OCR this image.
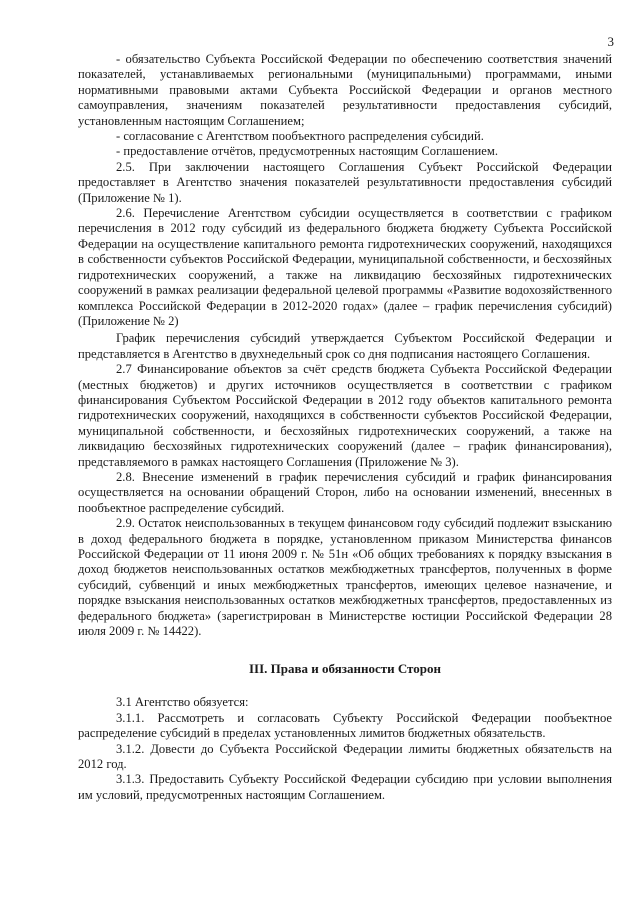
3

- обязательство Субъекта Российской Федерации по обеспечению соответствия значений показателей, устанавливаемых региональными (муниципальными) программами, иными нормативными правовыми актами Субъекта Российской Федерации и органов местного самоуправления, значениям показателей результативности предоставления субсидий, установленным настоящим Соглашением;

- согласование с Агентством пообъектного распределения субсидий.

- предоставление отчётов, предусмотренных настоящим Соглашением.

2.5. При заключении настоящего Соглашения Субъект Российской Федерации предоставляет в Агентство значения показателей результативности предоставления субсидий (Приложение № 1).

2.6. Перечисление Агентством субсидии осуществляется в соответствии с графиком перечисления в 2012 году субсидий из федерального бюджета бюджету Субъекта Российской Федерации на осуществление капитального ремонта гидротехнических сооружений, находящихся в собственности субъектов Российской Федерации, муниципальной собственности, и бесхозяйных гидротехнических сооружений, а также на ликвидацию бесхозяйных гидротехнических сооружений в рамках реализации федеральной целевой программы «Развитие водохозяйственного комплекса Российской Федерации в 2012-2020 годах» (далее – график перечисления субсидий) (Приложение № 2)

График перечисления субсидий утверждается Субъектом Российской Федерации и представляется в Агентство в двухнедельный срок со дня подписания настоящего Соглашения.

2.7 Финансирование объектов за счёт средств бюджета Субъекта Российской Федерации (местных бюджетов) и других источников осуществляется в соответствии с графиком финансирования Субъектом Российской Федерации в 2012 году объектов капитального ремонта гидротехнических сооружений, находящихся в собственности субъектов Российской Федерации, муниципальной собственности, и бесхозяйных гидротехнических сооружений, а также на ликвидацию бесхозяйных гидротехнических сооружений (далее – график финансирования), представляемого в рамках настоящего Соглашения (Приложение № 3).

2.8. Внесение изменений в график перечисления субсидий и график финансирования осуществляется на основании обращений Сторон, либо на основании изменений, внесенных в пообъектное распределение субсидий.

2.9. Остаток неиспользованных в текущем финансовом году субсидий подлежит взысканию в доход федерального бюджета в порядке, установленном приказом Министерства финансов Российской Федерации от 11 июня 2009 г. № 51н «Об общих требованиях к порядку взыскания в доход бюджетов неиспользованных остатков межбюджетных трансфертов, полученных в форме субсидий, субвенций и иных межбюджетных трансфертов, имеющих целевое назначение, и порядке взыскания неиспользованных остатков межбюджетных трансфертов, предоставленных из федерального бюджета» (зарегистрирован в Министерстве юстиции Российской Федерации 28 июля 2009 г. № 14422).

III. Права и обязанности Сторон

3.1 Агентство обязуется:

3.1.1. Рассмотреть и согласовать Субъекту Российской Федерации пообъектное распределение субсидий в пределах установленных лимитов бюджетных обязательств.

3.1.2. Довести до Субъекта Российской Федерации лимиты бюджетных обязательств на 2012 год.

3.1.3. Предоставить Субъекту Российской Федерации субсидию при условии выполнения им условий, предусмотренных настоящим Соглашением.
